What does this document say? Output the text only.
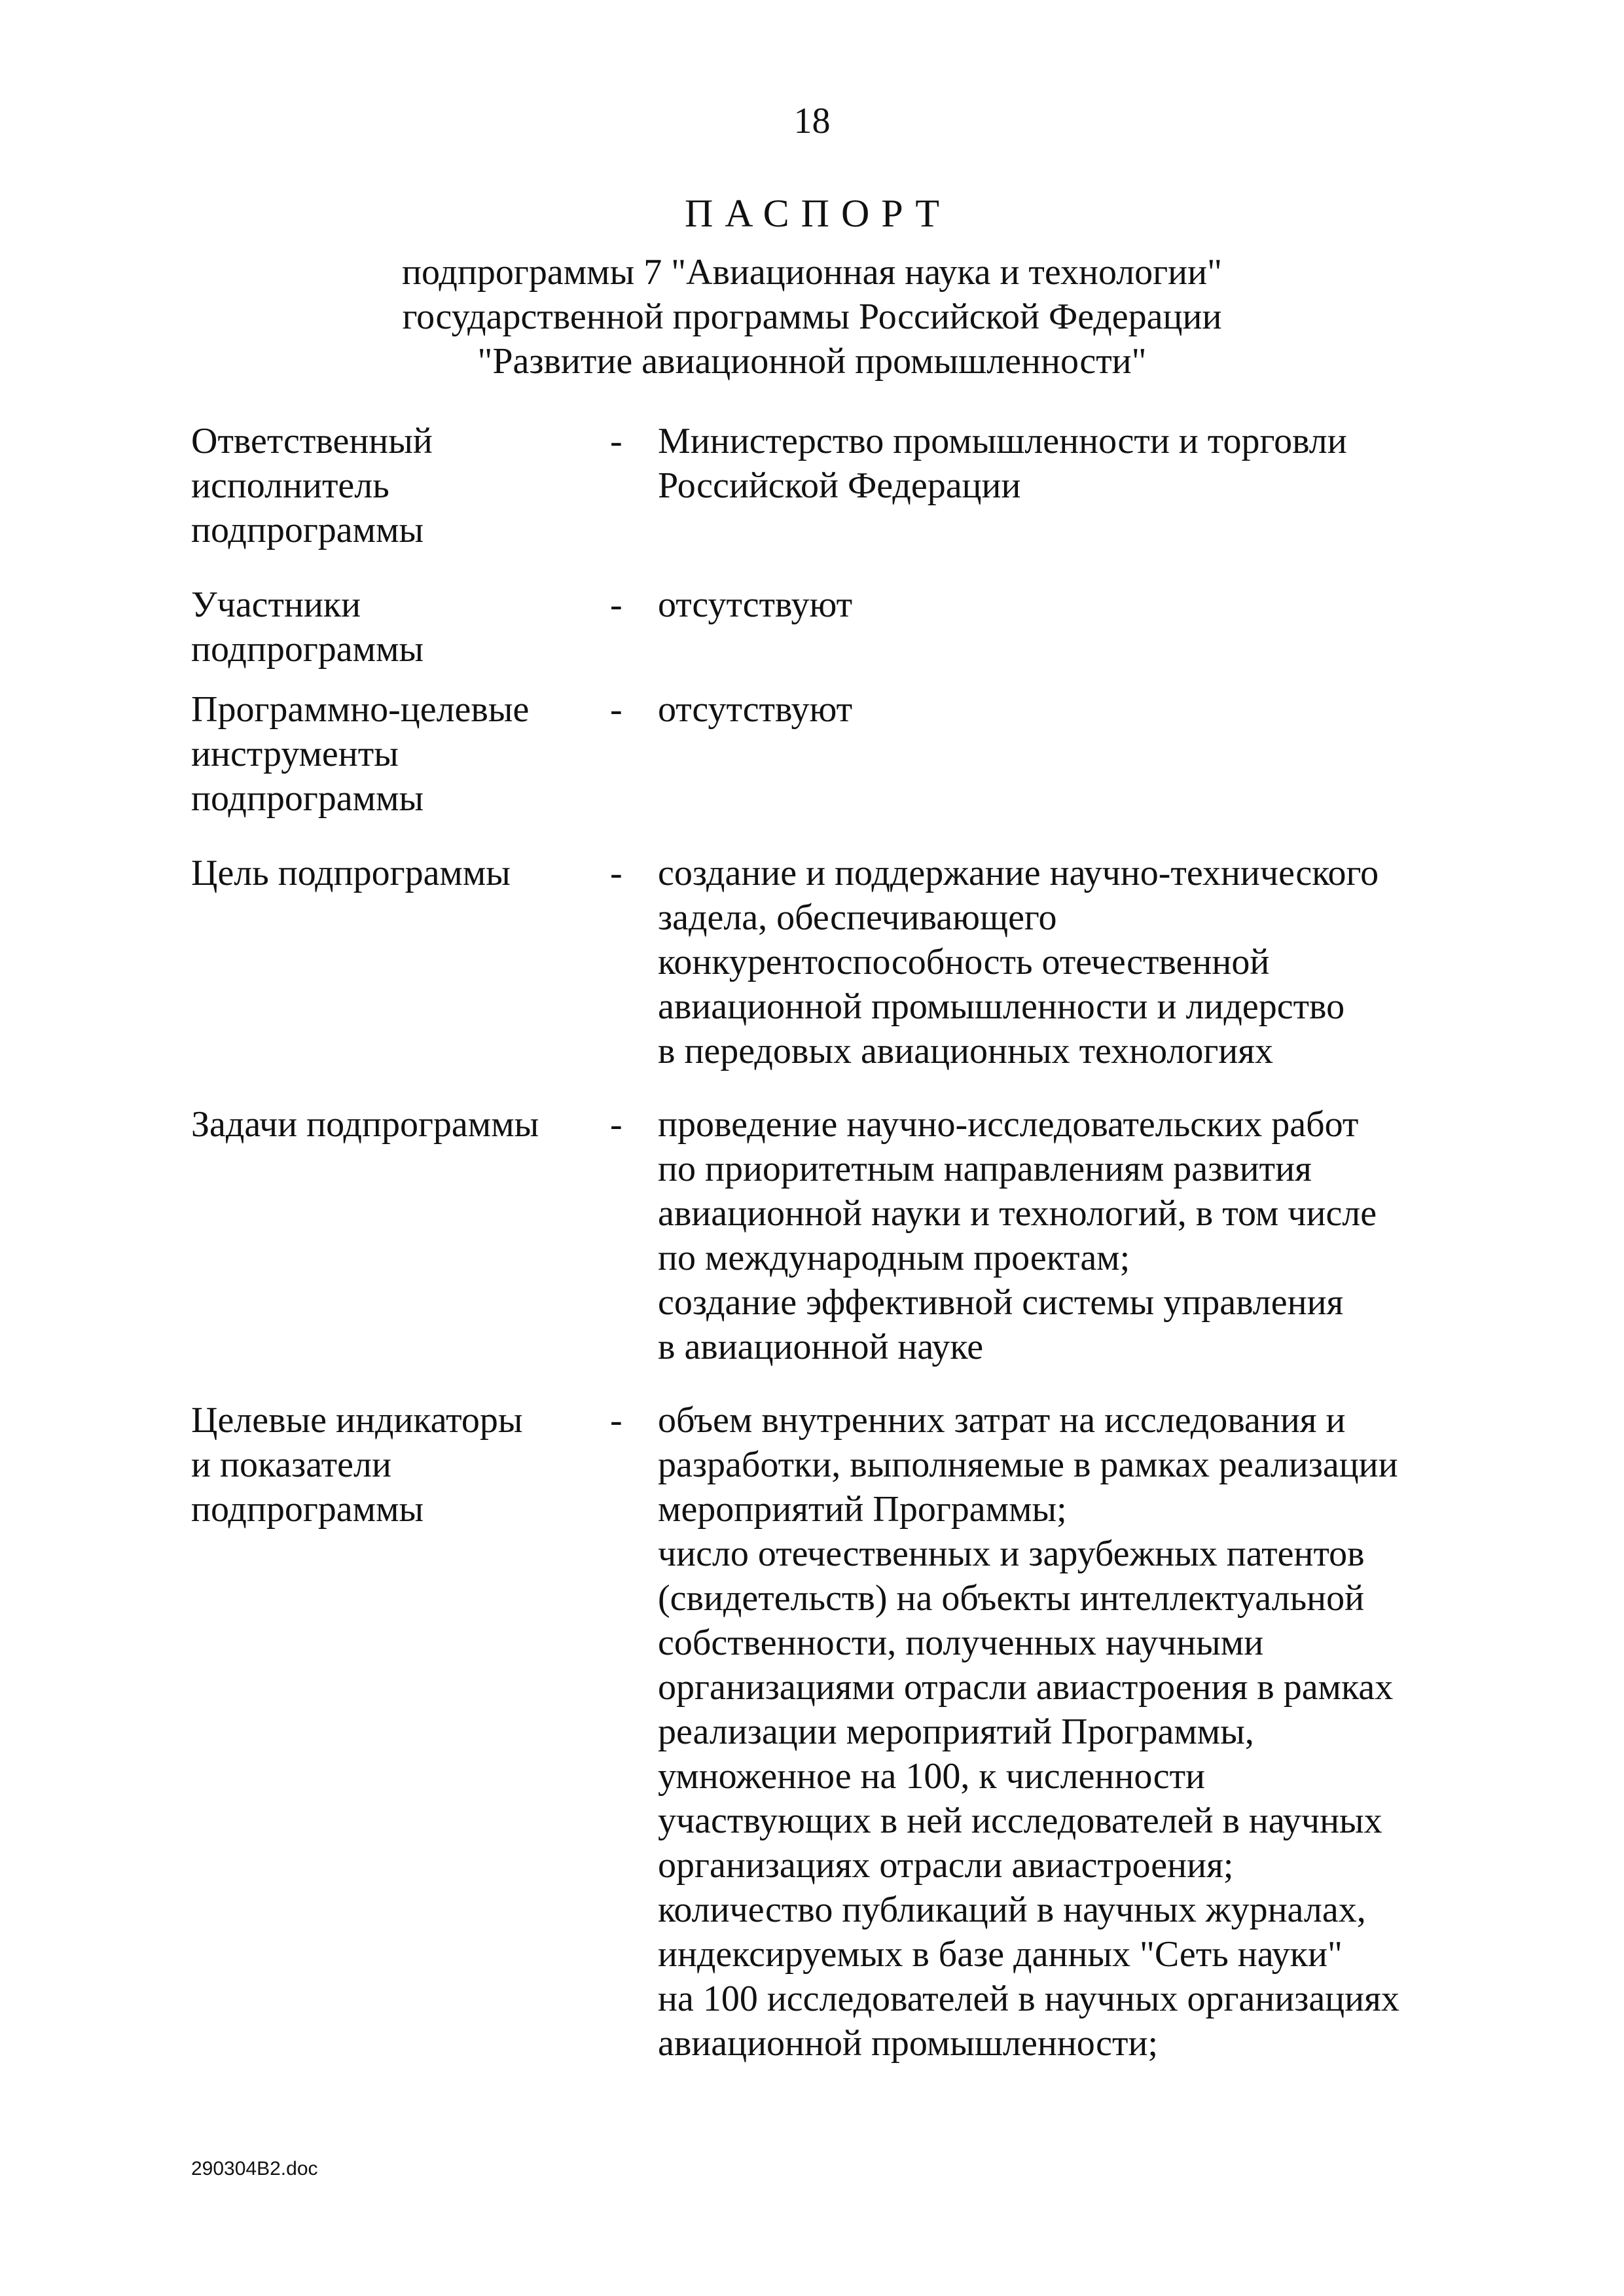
18
ПАСПОРТ
подпрограммы 7 "Авиационная наука и технологии"
государственной программы Российской Федерации
"Развитие авиационной промышленности"
Ответственный
исполнитель
подпрограммы
- Министерство промышленности и торговли
Российской Федерации
Участники
подпрограммы
- отсутствуют
Программно-целевые
инструменты
подпрограммы
- отсутствуют
Цель подпрограммы	- создание и поддержание научно-технического
задела, обеспечивающего
конкурентоспособность отечественной
авиационной промышленности и лидерство
в передовых авиационных технологиях
Задачи подпрограммы	- проведение научно-исследовательских работ
по приоритетным направлениям развития
авиационной науки и технологий, в том числе
по международным проектам;
создание эффективной системы управления
в авиационной науке
Целевые индикаторы
и показатели
подпрограммы
- объем внутренних затрат на исследования и
разработки, выполняемые в рамках реализации
мероприятий Программы;
число отечественных и зарубежных патентов
(свидетельств) на объекты интеллектуальной
собственности, полученных научными
организациями отрасли авиастроения в рамках
реализации мероприятий Программы,
умноженное на 100, к численности
участвующих в ней исследователей в научных
организациях отрасли авиастроения;
количество публикаций в научных журналах,
индексируемых в базе данных "Сеть науки"
на 100 исследователей в научных организациях
авиационной промышленности;
290304B2.doc
